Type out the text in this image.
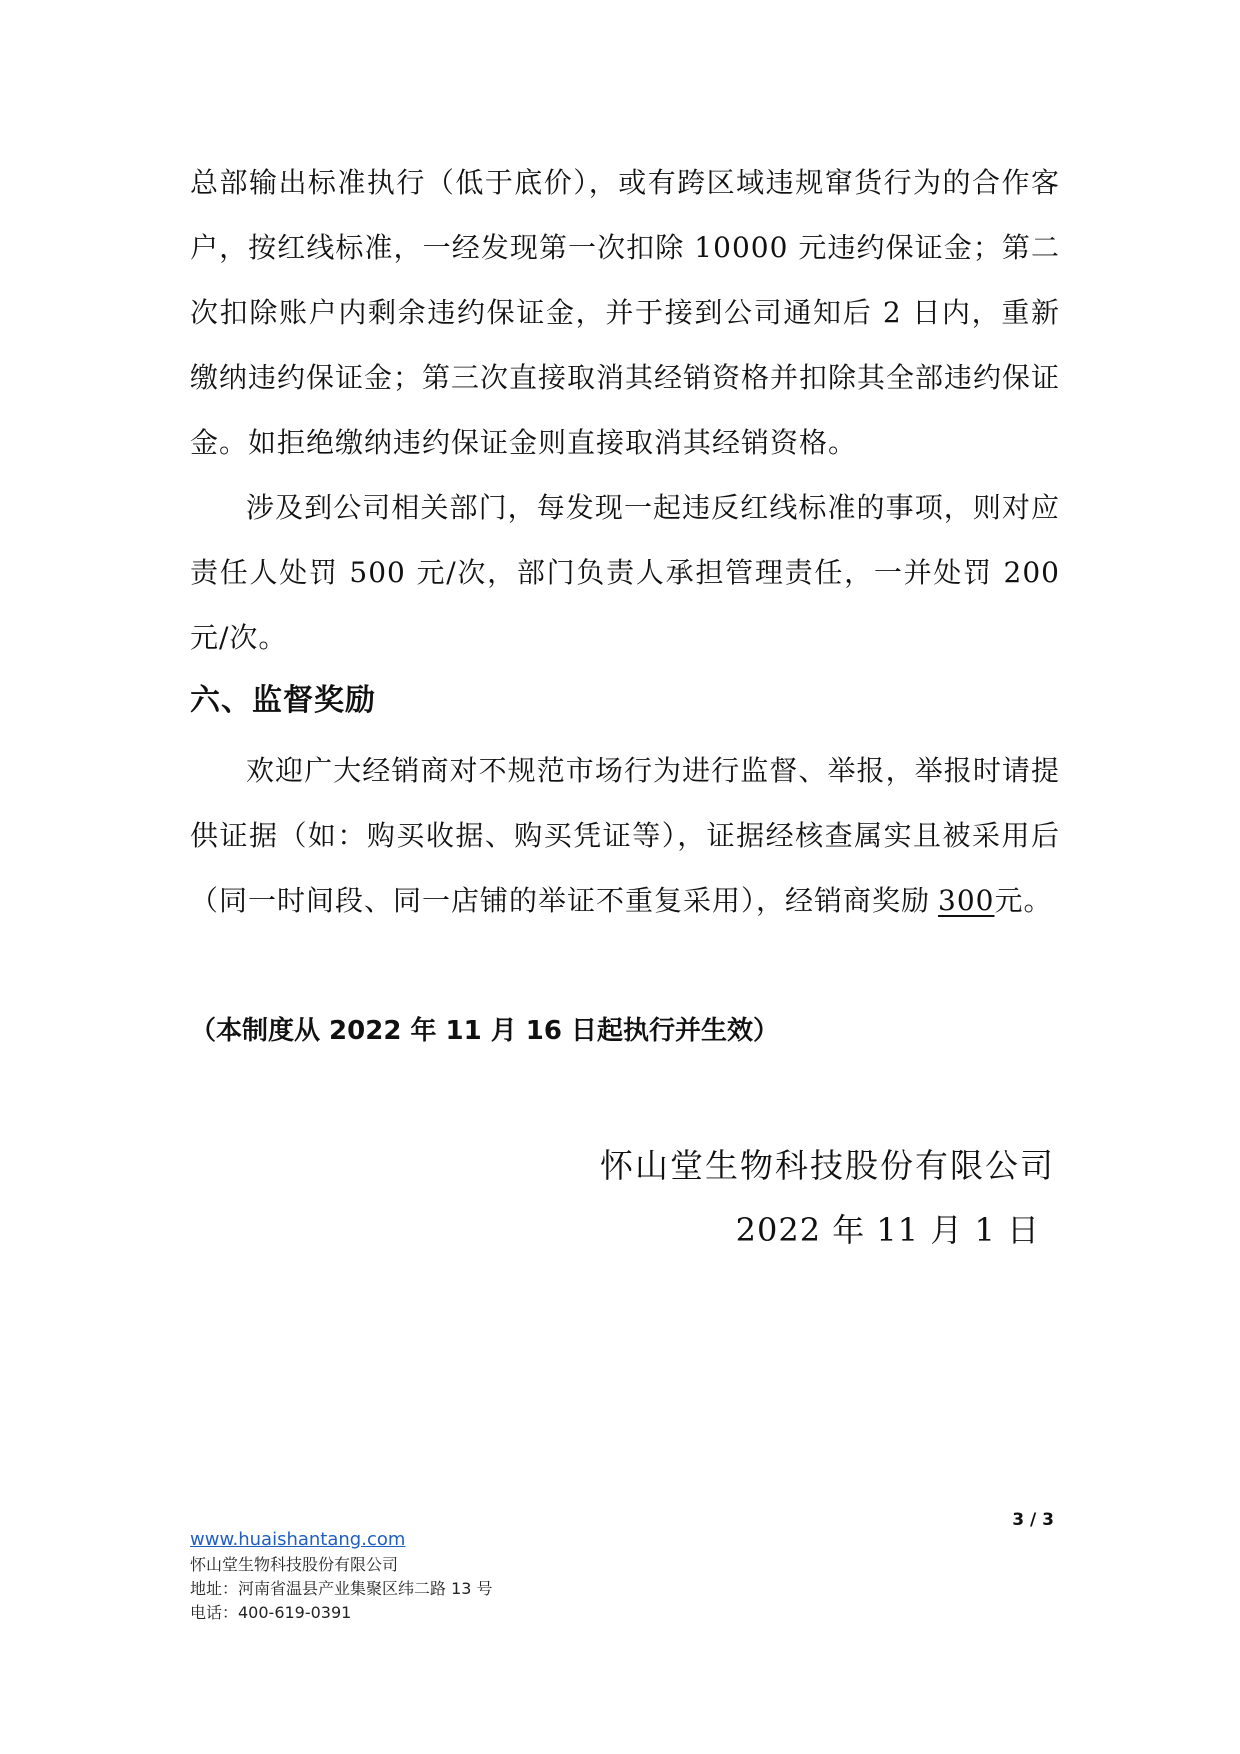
总部输出标准执行（低于底价），或有跨区域违规窜货行为的合作客户，按红线标准，一经发现第一次扣除 10000 元违约保证金；第二次扣除账户内剩余违约保证金，并于接到公司通知后 2 日内，重新缴纳违约保证金；第三次直接取消其经销资格并扣除其全部违约保证金。如拒绝缴纳违约保证金则直接取消其经销资格。

涉及到公司相关部门，每发现一起违反红线标准的事项，则对应责任人处罚 500 元/次，部门负责人承担管理责任，一并处罚 200 元/次。

六、监督奖励

欢迎广大经销商对不规范市场行为进行监督、举报，举报时请提供证据（如：购买收据、购买凭证等），证据经核查属实且被采用后（同一时间段、同一店铺的举证不重复采用），经销商奖励 300元。

（本制度从 2022 年 11 月 16 日起执行并生效）

怀山堂生物科技股份有限公司

2022 年 11 月 1 日

3 / 3

www.huaishantang.com
怀山堂生物科技股份有限公司
地址：河南省温县产业集聚区纬二路 13 号
电话：400-619-0391
